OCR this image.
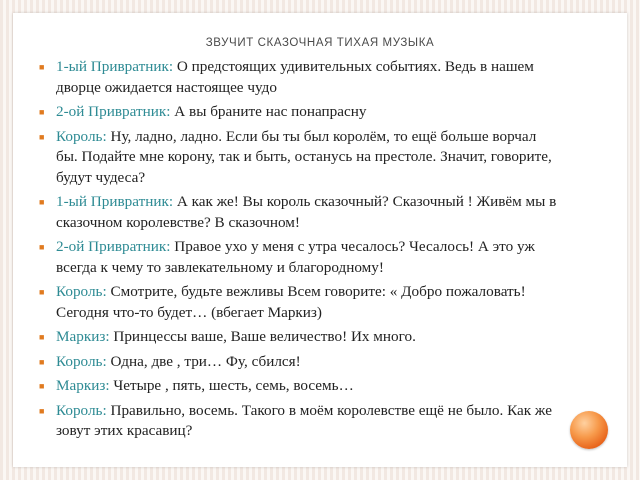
ЗВУЧИТ СКАЗОЧНАЯ ТИХАЯ МУЗЫКА
■ 1-ый Привратник: О предстоящих удивительных событиях. Ведь в нашем дворце ожидается настоящее чудо
■ 2-ой Привратник: А вы браните нас понапрасну
■ Король: Ну, ладно, ладно. Если бы ты был королём, то ещё больше ворчал бы. Подайте мне корону, так и быть, останусь на престоле. Значит, говорите, будут чудеса?
■ 1-ый Привратник: А как же! Вы король сказочный? Сказочный ! Живём мы в сказочном королевстве? В сказочном!
■ 2-ой Привратник: Правое ухо у меня с утра чесалось? Чесалось! А это уж всегда к чему то завлекательному и благородному!
■ Король: Смотрите, будьте вежливы Всем говорите: « Добро пожаловать! Сегодня что-то будет… (вбегает Маркиз)
■ Маркиз: Принцессы ваше, Ваше величество! Их много.
■ Король: Одна, две , три… Фу, сбился!
■ Маркиз: Четыре , пять, шесть, семь, восемь…
■ Король: Правильно, восемь. Такого в моём королевстве ещё не было. Как же зовут этих красавиц?
